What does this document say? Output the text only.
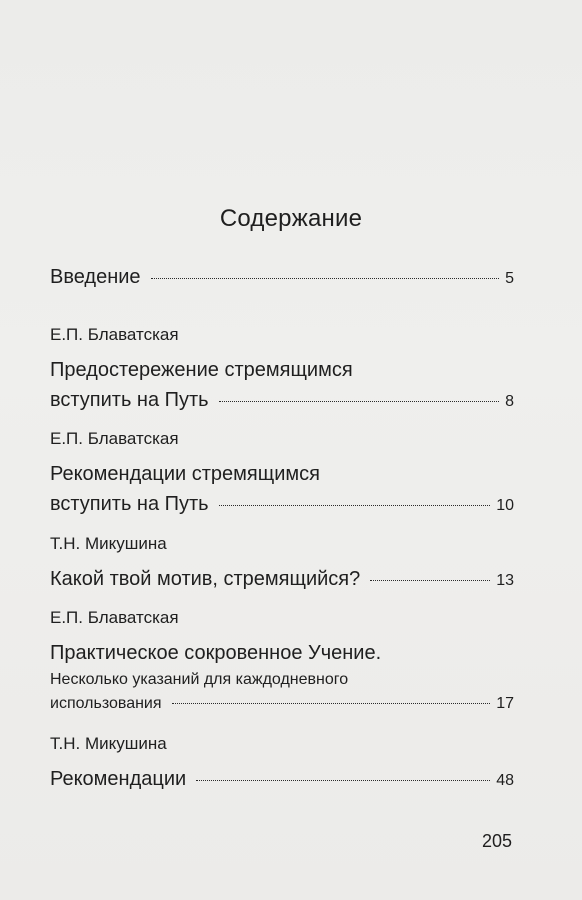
Содержание
Введение	5
Е.П. Блаватская
Предостережение стремящимся
вступить на Путь	8
Е.П. Блаватская
Рекомендации стремящимся
вступить на Путь	10
Т.Н. Микушина
Какой твой мотив, стремящийся?	13
Е.П. Блаватская
Практическое сокровенное Учение.
Несколько указаний для каждодневного
использования	17
Т.Н. Микушина
Рекомендации	48
205
